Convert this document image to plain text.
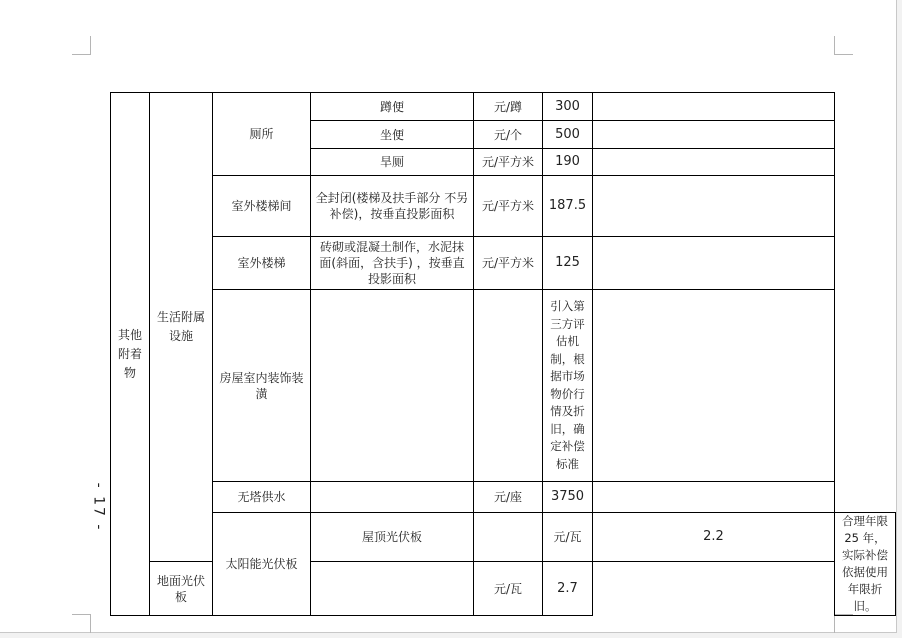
- 17 -
其他附着物	生活附属设施	厕所	蹲便	元/蹲	300		
			坐便	元/个	500		
			旱厕	元/平方米	190		
		室外楼梯间	全封闭(楼梯及扶手部分 不另补偿)，按垂直投影面积	元/平方米	187.5		
		室外楼梯	砖砌或混凝土制作，水泥抹面(斜面，含扶手) ，按垂直投影面积	元/平方米	125		
		房屋室内装饰装潢			引入第三方评估机制，根据市场物价行情及折旧，确定补偿标准		
		无塔供水		元/座	3750		
		太阳能光伏板	屋顶光伏板		元/瓦	2.2	合理年限 25 年，实际补偿依据使用年限折 旧。
	地面光伏板			元/瓦	2.7		
